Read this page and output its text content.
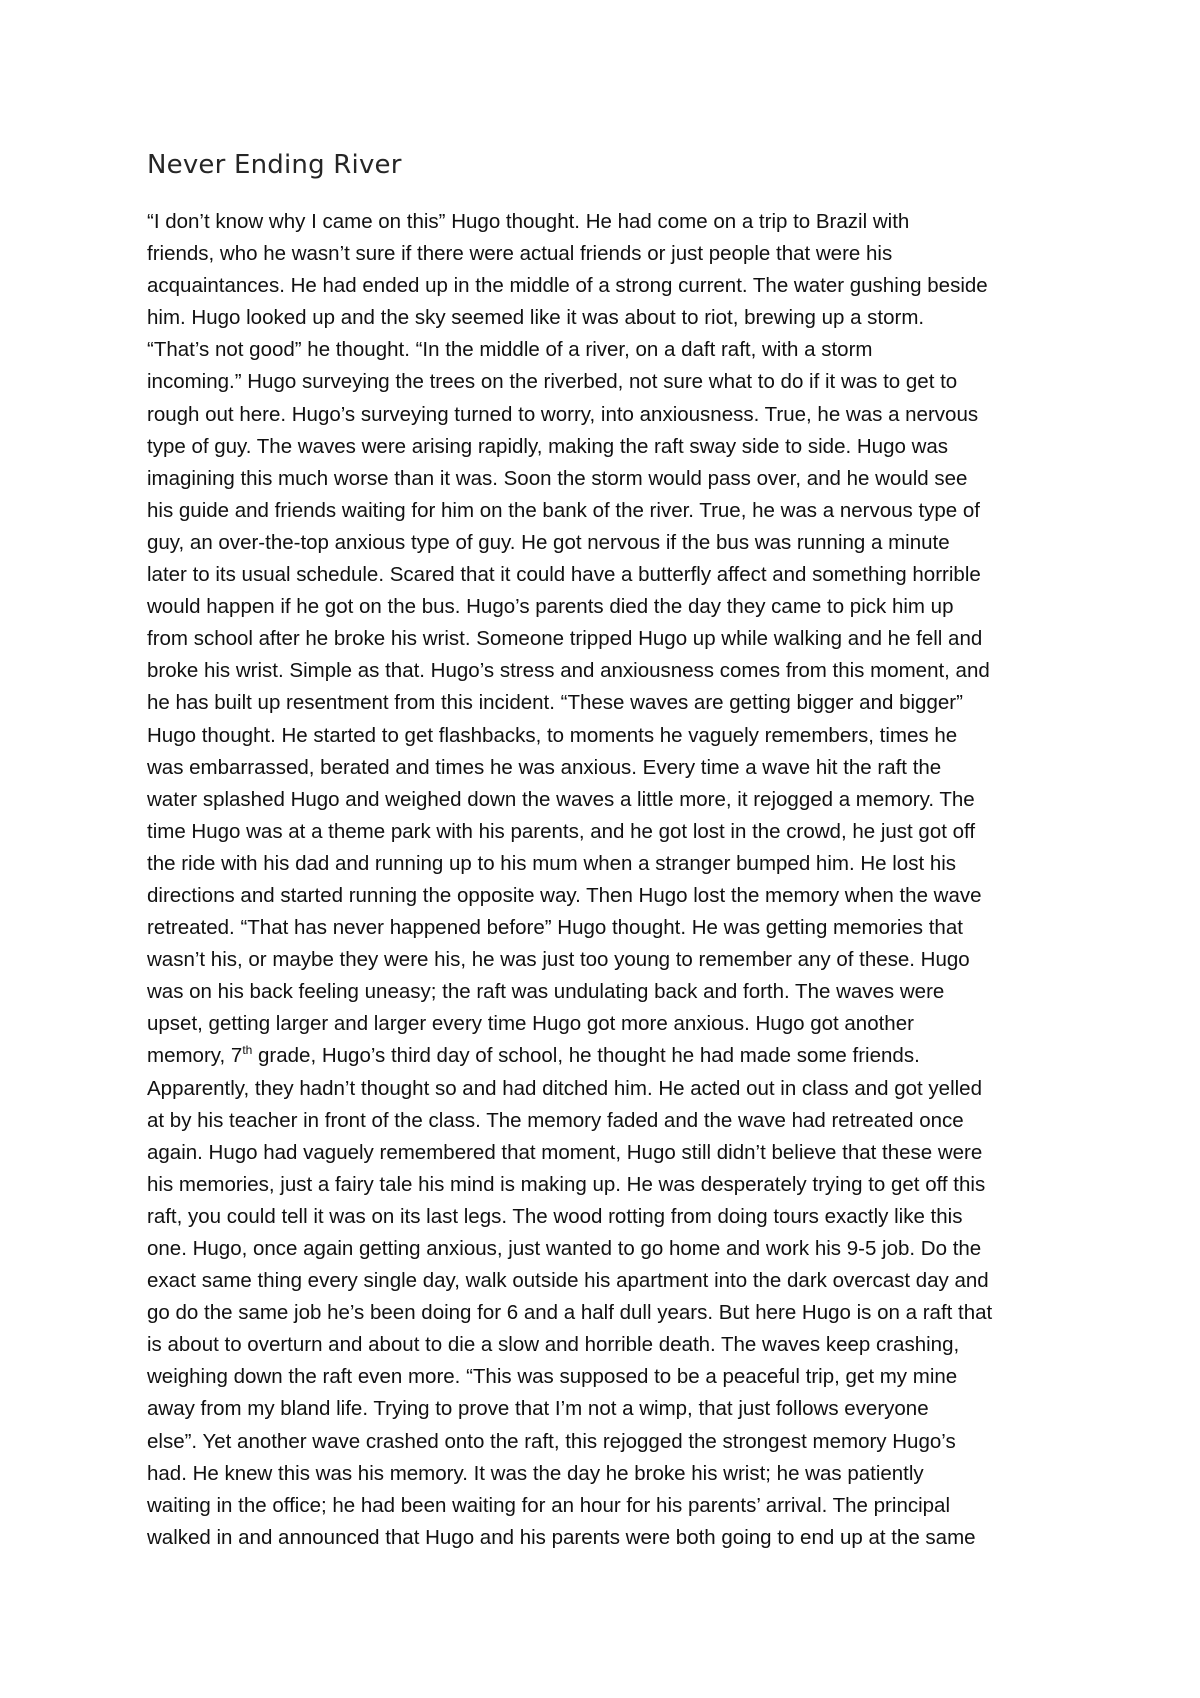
Never Ending River
“I don’t know why I came on this” Hugo thought. He had come on a trip to Brazil with
friends, who he wasn’t sure if there were actual friends or just people that were his
acquaintances. He had ended up in the middle of a strong current. The water gushing beside
him. Hugo looked up and the sky seemed like it was about to riot, brewing up a storm.
“That’s not good” he thought. “In the middle of a river, on a daft raft, with a storm
incoming.” Hugo surveying the trees on the riverbed, not sure what to do if it was to get to
rough out here. Hugo’s surveying turned to worry, into anxiousness. True, he was a nervous
type of guy. The waves were arising rapidly, making the raft sway side to side. Hugo was
imagining this much worse than it was. Soon the storm would pass over, and he would see
his guide and friends waiting for him on the bank of the river. True, he was a nervous type of
guy, an over-the-top anxious type of guy. He got nervous if the bus was running a minute
later to its usual schedule. Scared that it could have a butterfly affect and something horrible
would happen if he got on the bus. Hugo’s parents died the day they came to pick him up
from school after he broke his wrist. Someone tripped Hugo up while walking and he fell and
broke his wrist. Simple as that. Hugo’s stress and anxiousness comes from this moment, and
he has built up resentment from this incident. “These waves are getting bigger and bigger”
Hugo thought. He started to get flashbacks, to moments he vaguely remembers, times he
was embarrassed, berated and times he was anxious. Every time a wave hit the raft the
water splashed Hugo and weighed down the waves a little more, it rejogged a memory. The
time Hugo was at a theme park with his parents, and he got lost in the crowd, he just got off
the ride with his dad and running up to his mum when a stranger bumped him. He lost his
directions and started running the opposite way. Then Hugo lost the memory when the wave
retreated. “That has never happened before” Hugo thought. He was getting memories that
wasn’t his, or maybe they were his, he was just too young to remember any of these. Hugo
was on his back feeling uneasy; the raft was undulating back and forth. The waves were
upset, getting larger and larger every time Hugo got more anxious. Hugo got another
memory, 7th grade, Hugo’s third day of school, he thought he had made some friends.
Apparently, they hadn’t thought so and had ditched him. He acted out in class and got yelled
at by his teacher in front of the class. The memory faded and the wave had retreated once
again. Hugo had vaguely remembered that moment, Hugo still didn’t believe that these were
his memories, just a fairy tale his mind is making up. He was desperately trying to get off this
raft, you could tell it was on its last legs. The wood rotting from doing tours exactly like this
one. Hugo, once again getting anxious, just wanted to go home and work his 9-5 job. Do the
exact same thing every single day, walk outside his apartment into the dark overcast day and
go do the same job he’s been doing for 6 and a half dull years. But here Hugo is on a raft that
is about to overturn and about to die a slow and horrible death. The waves keep crashing,
weighing down the raft even more. “This was supposed to be a peaceful trip, get my mine
away from my bland life. Trying to prove that I’m not a wimp, that just follows everyone
else”. Yet another wave crashed onto the raft, this rejogged the strongest memory Hugo’s
had. He knew this was his memory. It was the day he broke his wrist; he was patiently
waiting in the office; he had been waiting for an hour for his parents’ arrival. The principal
walked in and announced that Hugo and his parents were both going to end up at the same
